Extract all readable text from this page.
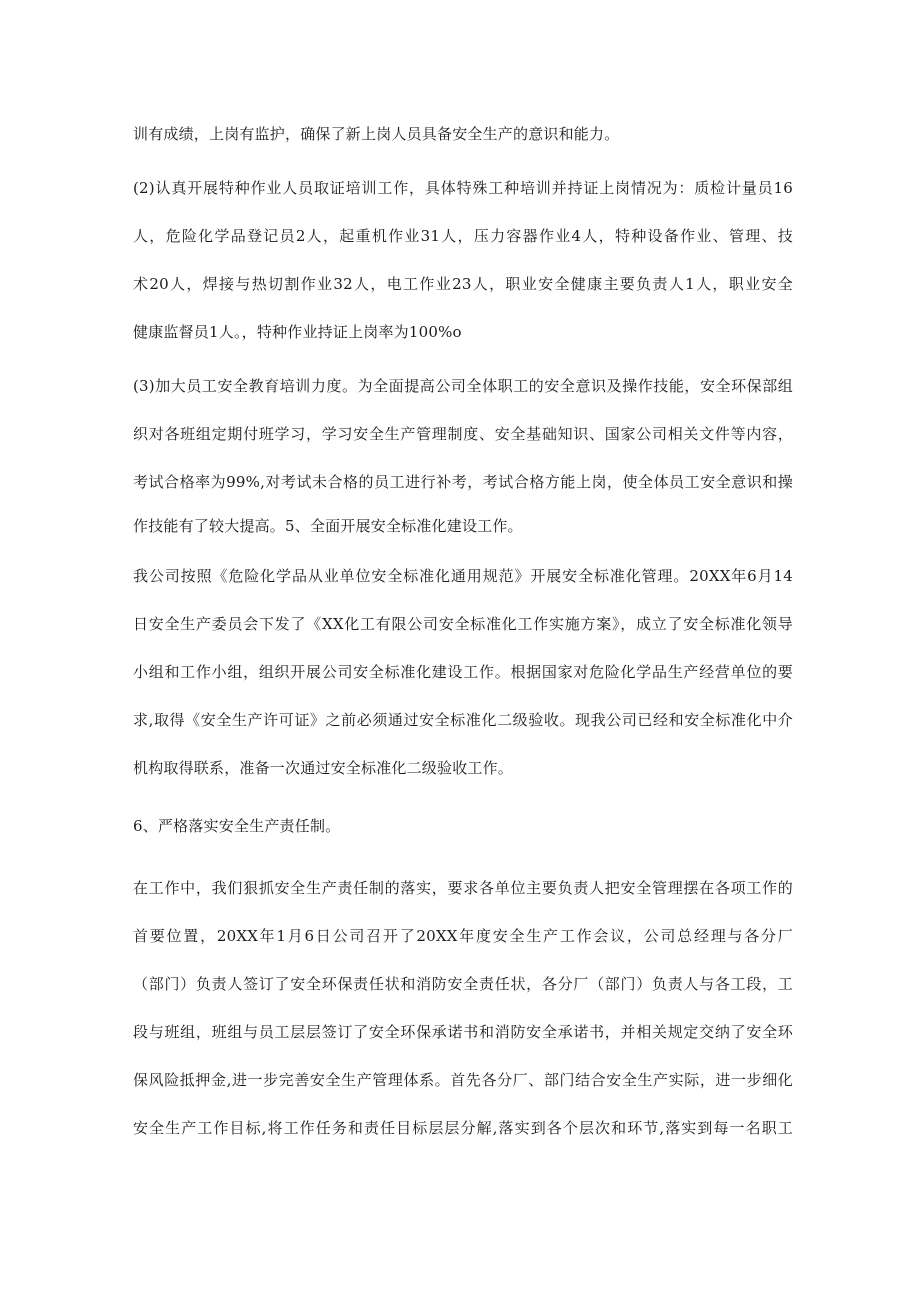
训有成绩，上岗有监护，确保了新上岗人员具备安全生产的意识和能力。
(2)认真开展特种作业人员取证培训工作，具体特殊工种培训并持证上岗情况为：质检计量员16
人，危险化学品登记员2人，起重机作业31人，压力容器作业4人，特种设备作业、管理、技
术20人，焊接与热切割作业32人，电工作业23人，职业安全健康主要负责人1人，职业安全
健康监督员1人。，特种作业持证上岗率为100%o
(3)加大员工安全教育培训力度。为全面提高公司全体职工的安全意识及操作技能，安全环保部组
织对各班组定期付班学习，学习安全生产管理制度、安全基础知识、国家公司相关文件等内容，
考试合格率为99%,对考试未合格的员工进行补考，考试合格方能上岗，使全体员工安全意识和操
作技能有了较大提高。5、全面开展安全标准化建设工作。
我公司按照《危险化学品从业单位安全标准化通用规范》开展安全标准化管理。20XX年6月14
日安全生产委员会下发了《XX化工有限公司安全标准化工作实施方案》，成立了安全标准化领导
小组和工作小组，组织开展公司安全标准化建设工作。根据国家对危险化学品生产经营单位的要
求,取得《安全生产许可证》之前必须通过安全标准化二级验收。现我公司已经和安全标准化中介
机构取得联系，准备一次通过安全标准化二级验收工作。
6、严格落实安全生产责任制。
在工作中，我们狠抓安全生产责任制的落实，要求各单位主要负责人把安全管理摆在各项工作的
首要位置，20XX年1月6日公司召开了20XX年度安全生产工作会议，公司总经理与各分厂
（部门）负责人签订了安全环保责任状和消防安全责任状，各分厂（部门）负责人与各工段，工
段与班组，班组与员工层层签订了安全环保承诺书和消防安全承诺书，并相关规定交纳了安全环
保风险抵押金,进一步完善安全生产管理体系。首先各分厂、部门结合安全生产实际，进一步细化
安全生产工作目标,将工作任务和责任目标层层分解,落实到各个层次和环节,落实到每一名职工
